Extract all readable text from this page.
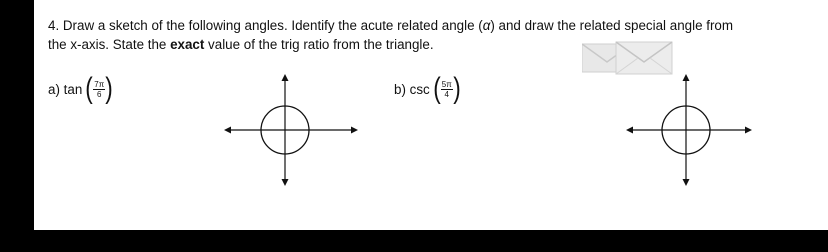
4. Draw a sketch of the following angles. Identify the acute related angle (α) and draw the related special angle from the x-axis. State the exact value of the trig ratio from the triangle.
a)
tan ( $\frac{7\pi}{6}$ )	b)
csc ( $\frac{5\pi}{4}$ )
